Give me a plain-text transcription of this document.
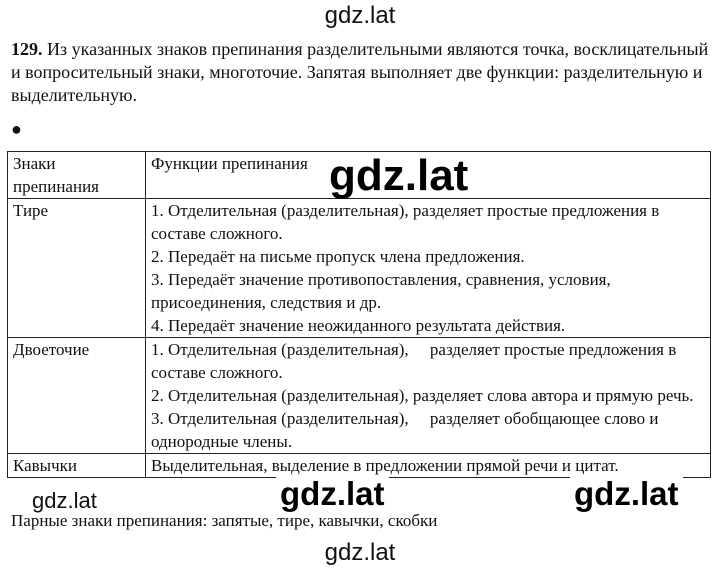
gdz.lat
129. Из указанных знаков препинания разделительными являются точка, восклицательный и вопросительный знаки, многоточие. Запятая выполняет две функции: разделительную и выделительную.
●
Знаки препинания	Функции препинания
Тире	1. Отделительная (разделительная), разделяет простые предложения в составе сложного.
2. Передаёт на письме пропуск члена предложения.
3. Передаёт значение противопоставления, сравнения, условия, присоединения, следствия и др.
4. Передаёт значение неожиданного результата действия.

Двоеточие	1. Отделительная (разделительная),     разделяет простые предложения в составе сложного.
2. Отделительная (разделительная), разделяет слова автора и прямую речь.
3. Отделительная (разделительная),     разделяет обобщающее слово и однородные члены.

Кавычки	Выделительная, выделение в предложении прямой речи и цитат.
gdz.lat
gdz.lat	gdz.lat	gdz.lat
Парные знаки препинания: запятые, тире, кавычки, скобки
gdz.lat
